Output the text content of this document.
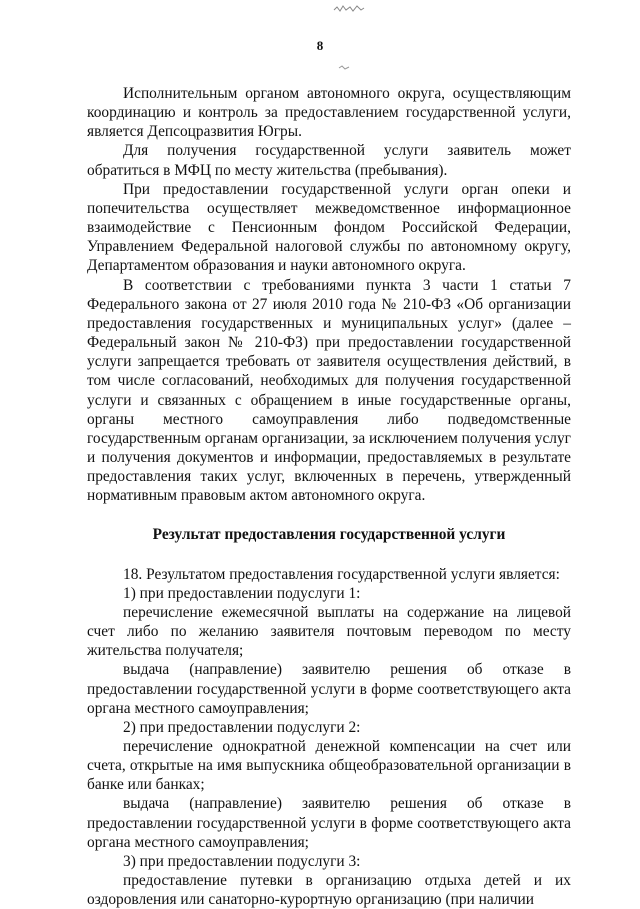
8

Исполнительным органом автономного округа, осуществляющим координацию и контроль за предоставлением государственной услуги, является Депсоцразвития Югры.

Для получения государственной услуги заявитель может обратиться в МФЦ по месту жительства (пребывания).

При предоставлении государственной услуги орган опеки и попечительства осуществляет межведомственное информационное взаимодействие с Пенсионным фондом Российской Федерации, Управлением Федеральной налоговой службы по автономному округу, Департаментом образования и науки автономного округа.

В соответствии с требованиями пункта 3 части 1 статьи 7 Федерального закона от 27 июля 2010 года № 210-ФЗ «Об организации предоставления государственных и муниципальных услуг» (далее – Федеральный закон № 210-ФЗ) при предоставлении государственной услуги запрещается требовать от заявителя осуществления действий, в том числе согласований, необходимых для получения государственной услуги и связанных с обращением в иные государственные органы, органы местного самоуправления либо подведомственные государственным органам организации, за исключением получения услуг и получения документов и информации, предоставляемых в результате предоставления таких услуг, включенных в перечень, утвержденный нормативным правовым актом автономного округа.

Результат предоставления государственной услуги

18. Результатом предоставления государственной услуги является:

1) при предоставлении подуслуги 1:

перечисление ежемесячной выплаты на содержание на лицевой счет либо по желанию заявителя почтовым переводом по месту жительства получателя;

выдача (направление) заявителю решения об отказе в предоставлении государственной услуги в форме соответствующего акта органа местного самоуправления;

2) при предоставлении подуслуги 2:

перечисление однократной денежной компенсации на счет или счета, открытые на имя выпускника общеобразовательной организации в банке или банках;

выдача (направление) заявителю решения об отказе в предоставлении государственной услуги в форме соответствующего акта органа местного самоуправления;

3) при предоставлении подуслуги 3:

предоставление путевки в организацию отдыха детей и их оздоровления или санаторно-курортную организацию (при наличии
